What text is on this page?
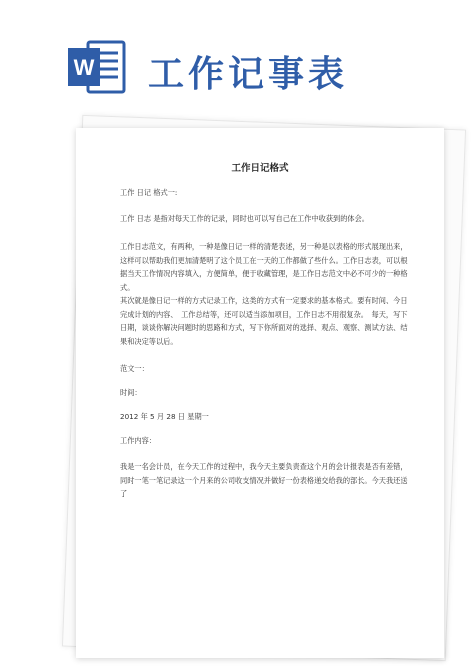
W 工作记事表
工作日记格式

工作 日记 格式一:

工作 日志 是指对每天工作的记录，同时也可以写自己在工作中收获到的体会。

工作日志范文，有两种，一种是像日记一样的清楚表述，另一种是以表格的形式展现出来，这样可以帮助我们更加清楚明了这个员工在一天的工作都做了些什么。工作日志表，可以根据当天工作情况内容填入，方便简单，便于收藏管理，是工作日志范文中必不可少的一种格式。

其次就是像日记一样的方式记录工作，这类的方式有一定要求的基本格式。要有时间、今日完成计划的内容、　工作总结等，还可以适当添加项目，工作日志不用很复杂。　每天，写下日期，谈谈你解决问题时的思路和方式，写下你所面对的选择、观点、观察、测试方法、结果和决定等以后。

范文一：

时间：

2012 年 5 月 28 日 星期一

工作内容：

我是一名会计员，在今天工作的过程中，我今天主要负责查这个月的会计报表是否有差错，同时一笔一笔记录这一个月来的公司收支情况并做好一份表格递交给我的部长。今天我还送了
